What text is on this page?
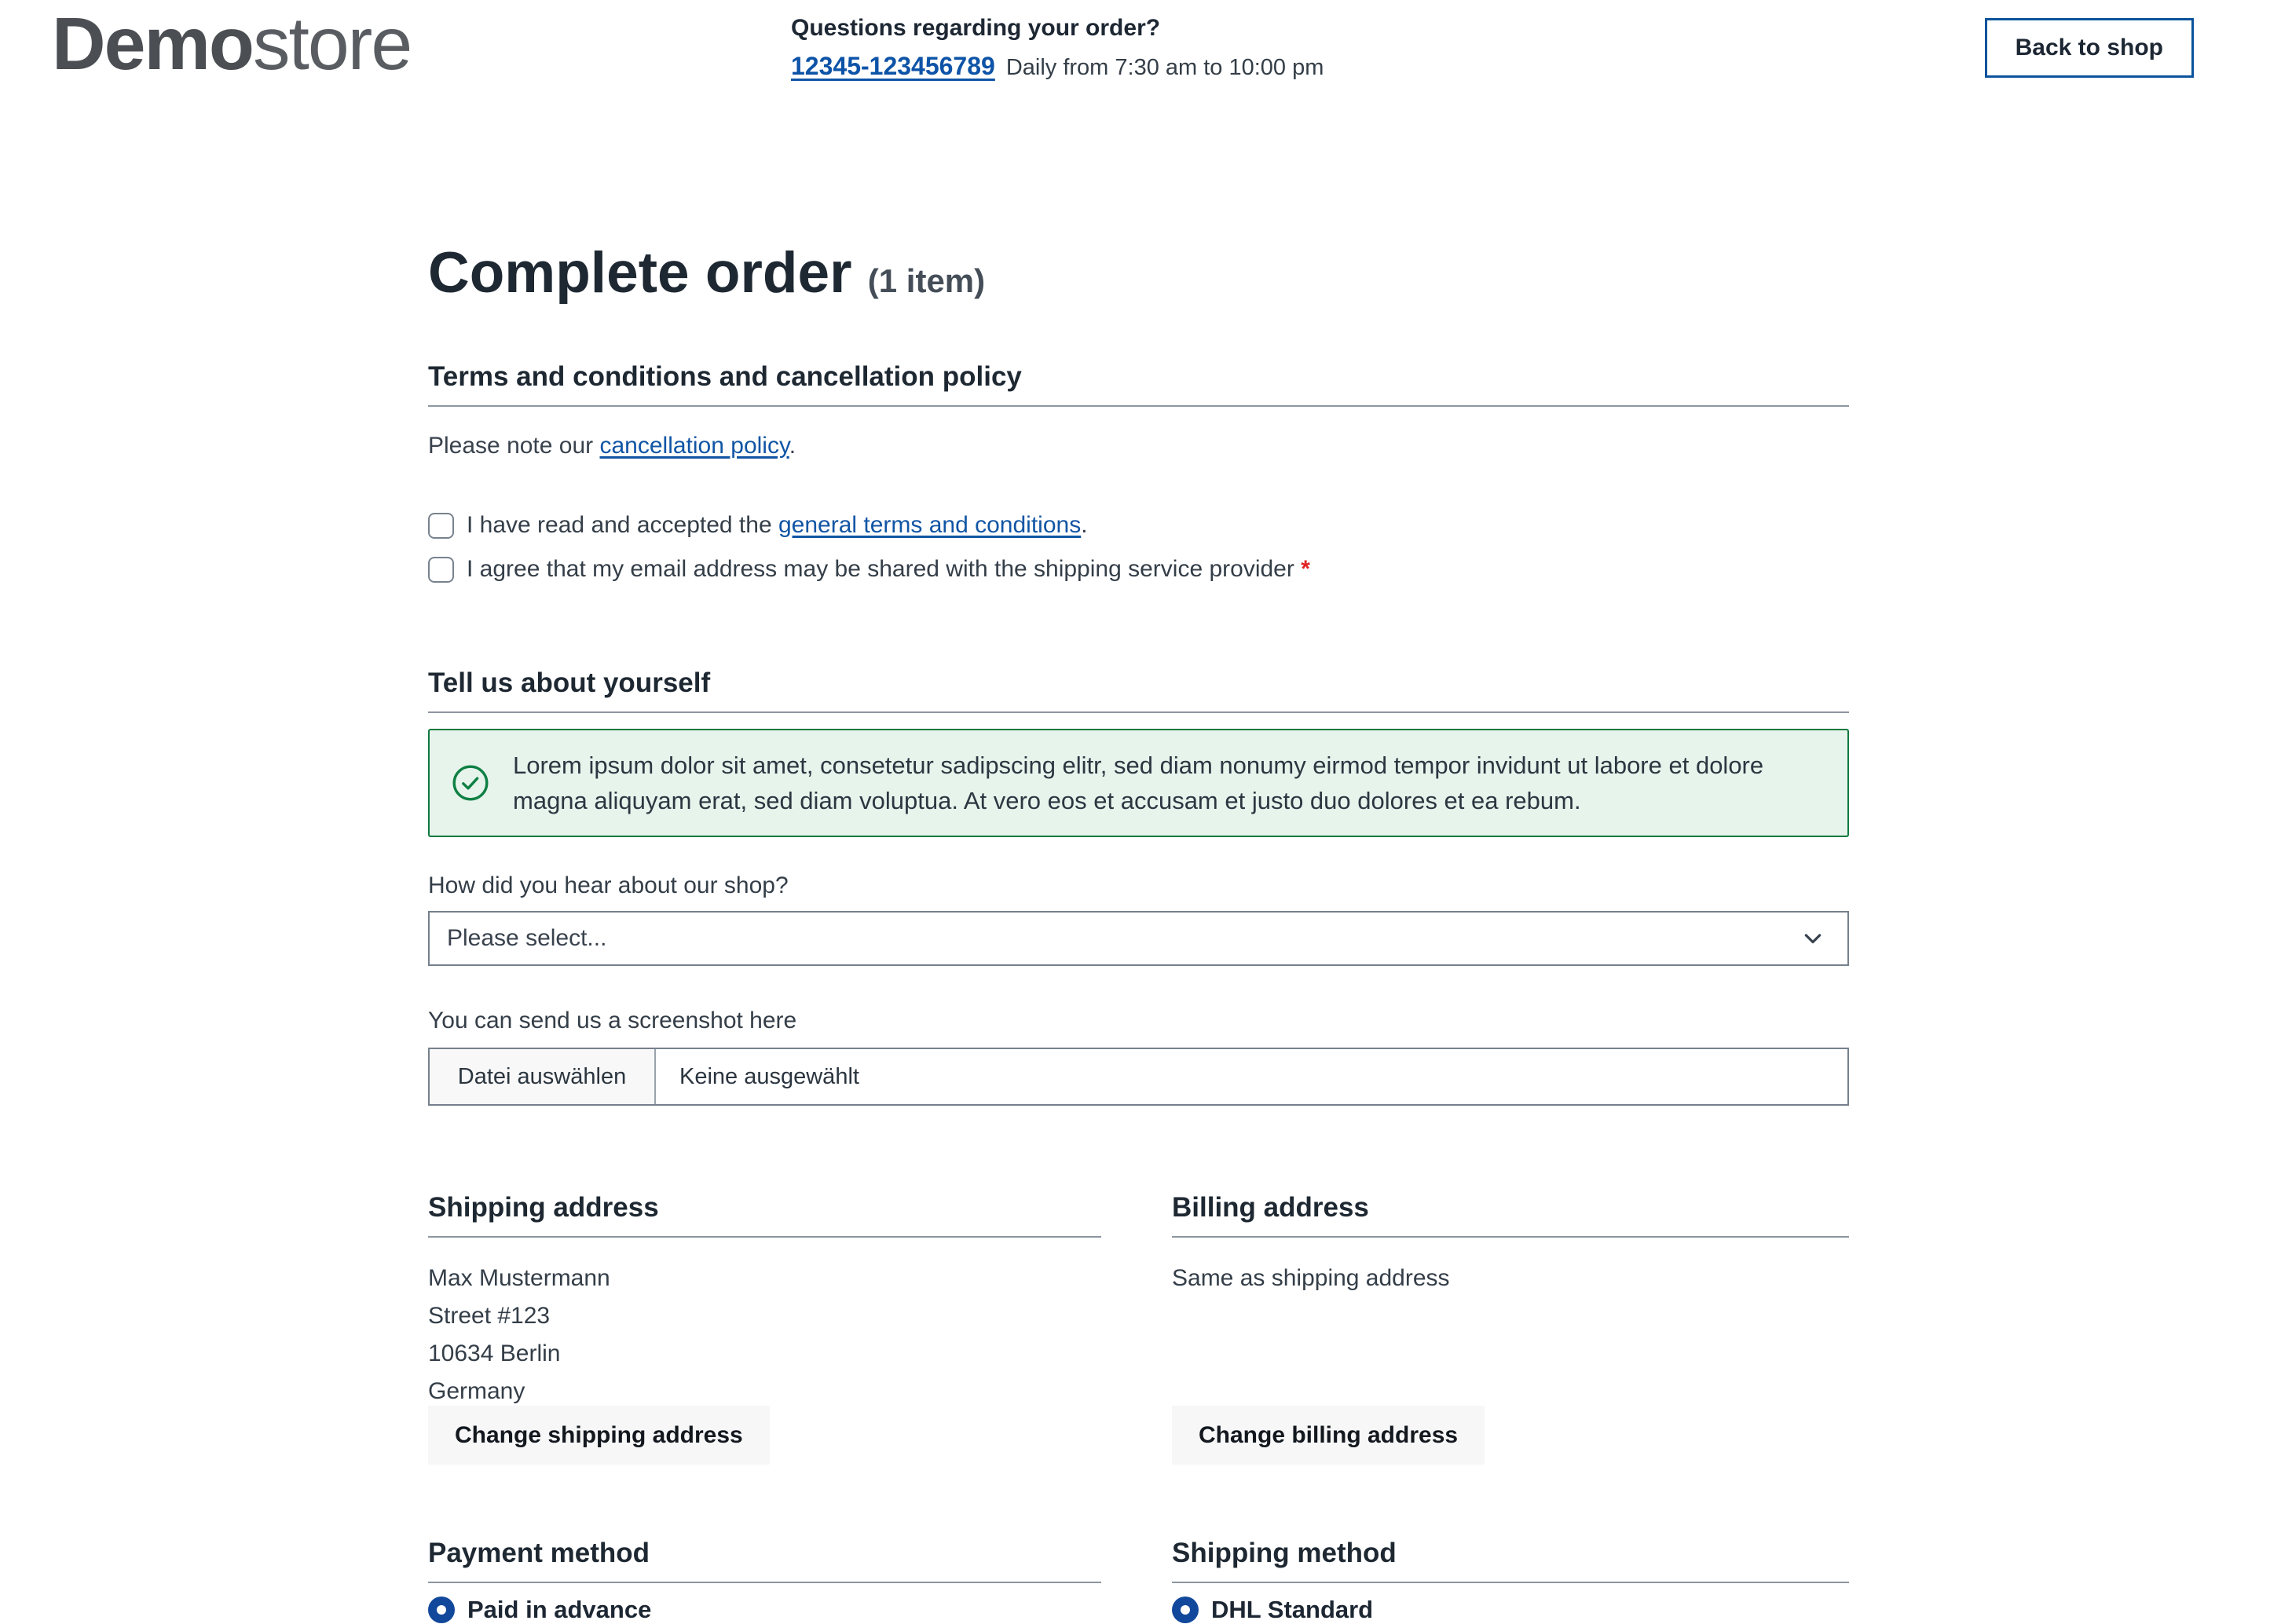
Demostore	Questions regarding your order?
12345-123456789 Daily from 7:30 am to 10:00 pm
Back to shop
Complete order (1 item)
Terms and conditions and cancellation policy

Please note our cancellation policy.

I have read and accepted the general terms and conditions.
I agree that my email address may be shared with the shipping service provider *
Tell us about yourself
Lorem ipsum dolor sit amet, consetetur sadipscing elitr, sed diam nonumy eirmod tempor invidunt ut labore et dolore magna aliquyam erat, sed diam voluptua. At vero eos et accusam et justo duo dolores et ea rebum.

How did you hear about our shop?

Please select...

You can send us a screenshot here

Datei auswählen	Keine ausgewählt
Shipping address
Max Mustermann
Street #123
10634 Berlin
Germany
Change shipping address
Billing address
Same as shipping address
Change billing address
Payment method
Paid in advance
Shipping method
DHL Standard
